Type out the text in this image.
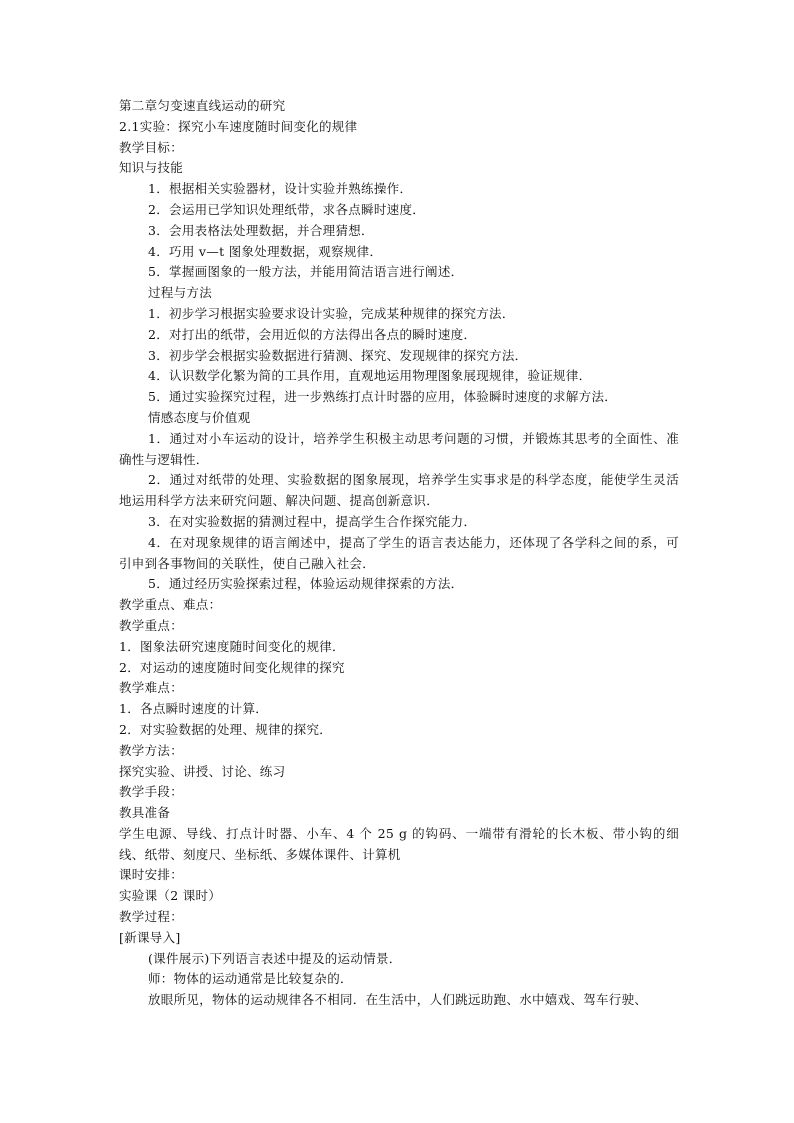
第二章匀变速直线运动的研究

2.1实验：探究小车速度随时间变化的规律

教学目标：

知识与技能

1．根据相关实验器材，设计实验并熟练操作．

2．会运用已学知识处理纸带，求各点瞬时速度．

3．会用表格法处理数据，并合理猜想．

4．巧用 v—t 图象处理数据，观察规律．

5．掌握画图象的一般方法，并能用简洁语言进行阐述．

过程与方法

1．初步学习根据实验要求设计实验，完成某种规律的探究方法．

2．对打出的纸带，会用近似的方法得出各点的瞬时速度．

3．初步学会根据实验数据进行猜测、探究、发现规律的探究方法．

4．认识数学化繁为简的工具作用，直观地运用物理图象展现规律，验证规律．

5．通过实验探究过程，进一步熟练打点计时器的应用，体验瞬时速度的求解方法．

情感态度与价值观

1．通过对小车运动的设计，培养学生积极主动思考问题的习惯，并锻炼其思考的全面性、准确性与逻辑性．

2．通过对纸带的处理、实验数据的图象展现，培养学生实事求是的科学态度，能使学生灵活地运用科学方法来研究问题、解决问题、提高创新意识．

3．在对实验数据的猜测过程中，提高学生合作探究能力．

4．在对现象规律的语言阐述中，提高了学生的语言表达能力，还体现了各学科之间的系，可引申到各事物间的关联性，使自己融入社会．

5．通过经历实验探索过程，体验运动规律探索的方法．

教学重点、难点：

教学重点：

1．图象法研究速度随时间变化的规律．

2．对运动的速度随时间变化规律的探究

教学难点：

1．各点瞬时速度的计算．

2．对实验数据的处理、规律的探究．

教学方法：

探究实验、讲授、讨论、练习

教学手段：

教具准备

学生电源、导线、打点计时器、小车、4 个 25 g 的钩码、一端带有滑轮的长木板、带小钩的细线、纸带、刻度尺、坐标纸、多媒体课件、计算机

课时安排：

实验课（2 课时）

教学过程：

[新课导入]

(课件展示)下列语言表述中提及的运动情景．

师：物体的运动通常是比较复杂的．

放眼所见，物体的运动规律各不相同．在生活中，人们跳远助跑、水中嬉戏、驾车行驶、
